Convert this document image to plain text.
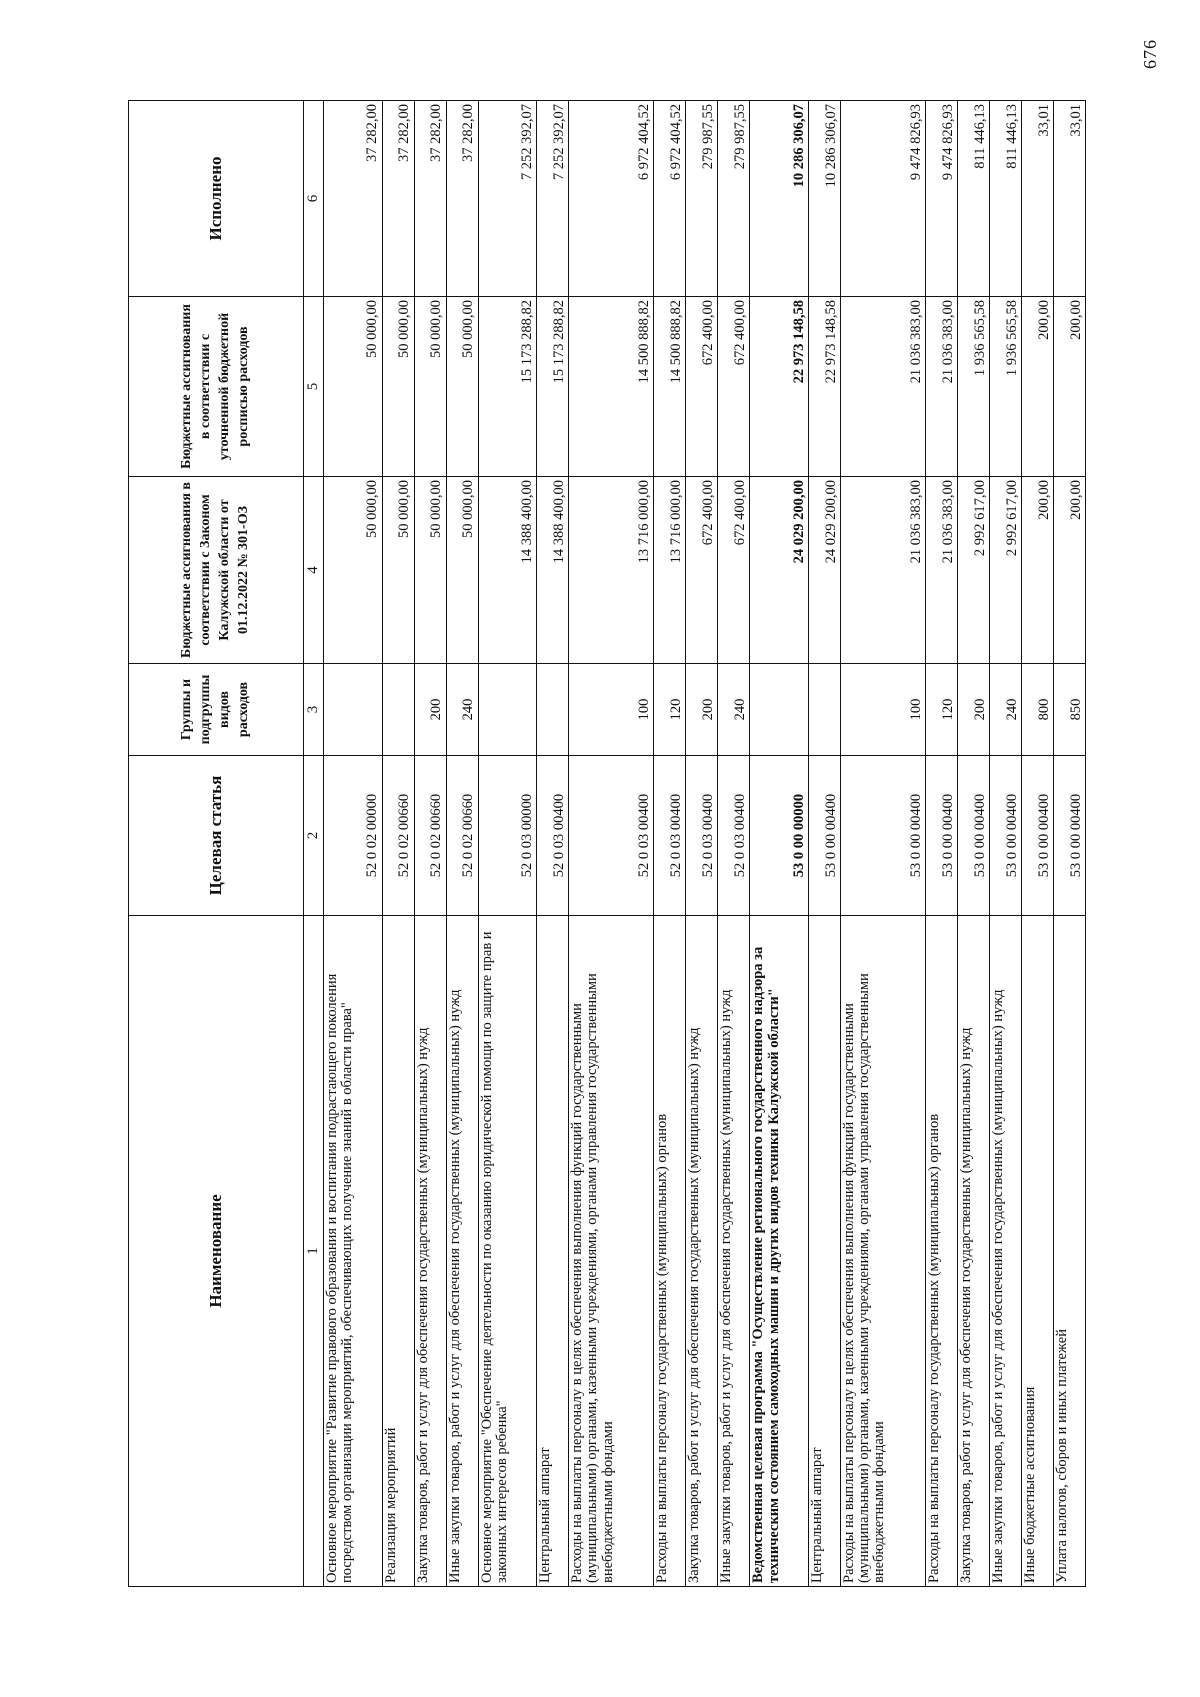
Наименование	Целевая статья	Группы и подгруппы видов расходов	Бюджетные ассигнования в соответствии с Законом Калужской области от 01.12.2022 № 301-ОЗ	Бюджетные ассигнования в соответствии с уточненной бюджетной росписью расходов	Исполнено
1	2	3	4	5	6
Основное мероприятие "Развитие правового образования и воспитания подрастающего поколения посредством организации мероприятий, обеспечивающих получение знаний в области права"	52 0 02 00000		50 000,00	50 000,00	37 282,00
Реализация мероприятий	52 0 02 00660		50 000,00	50 000,00	37 282,00
Закупка товаров, работ и услуг для обеспечения государственных (муниципальных) нужд	52 0 02 00660	200	50 000,00	50 000,00	37 282,00
Иные закупки товаров, работ и услуг для обеспечения государственных (муниципальных) нужд	52 0 02 00660	240	50 000,00	50 000,00	37 282,00
Основное мероприятие "Обеспечение деятельности по оказанию юридической помощи по защите прав и законных интересов ребенка"	52 0 03 00000		14 388 400,00	15 173 288,82	7 252 392,07
Центральный аппарат	52 0 03 00400		14 388 400,00	15 173 288,82	7 252 392,07
Расходы на выплаты персоналу в целях обеспечения выполнения функций государственными (муниципальными) органами, казенными учреждениями, органами управления государственными внебюджетными фондами	52 0 03 00400	100	13 716 000,00	14 500 888,82	6 972 404,52
Расходы на выплаты персоналу государственных (муниципальных) органов	52 0 03 00400	120	13 716 000,00	14 500 888,82	6 972 404,52
Закупка товаров, работ и услуг для обеспечения государственных (муниципальных) нужд	52 0 03 00400	200	672 400,00	672 400,00	279 987,55
Иные закупки товаров, работ и услуг для обеспечения государственных (муниципальных) нужд	52 0 03 00400	240	672 400,00	672 400,00	279 987,55
Ведомственная целевая программа "Осуществление регионального государственного надзора за техническим состоянием самоходных машин и других видов техники Калужской области"	53 0 00 00000		24 029 200,00	22 973 148,58	10 286 306,07
Центральный аппарат	53 0 00 00400		24 029 200,00	22 973 148,58	10 286 306,07
Расходы на выплаты персоналу в целях обеспечения выполнения функций государственными (муниципальными) органами, казенными учреждениями, органами управления государственными внебюджетными фондами	53 0 00 00400	100	21 036 383,00	21 036 383,00	9 474 826,93
Расходы на выплаты персоналу государственных (муниципальных) органов	53 0 00 00400	120	21 036 383,00	21 036 383,00	9 474 826,93
Закупка товаров, работ и услуг для обеспечения государственных (муниципальных) нужд	53 0 00 00400	200	2 992 617,00	1 936 565,58	811 446,13
Иные закупки товаров, работ и услуг для обеспечения государственных (муниципальных) нужд	53 0 00 00400	240	2 992 617,00	1 936 565,58	811 446,13
Иные бюджетные ассигнования	53 0 00 00400	800	200,00	200,00	33,01
Уплата налогов, сборов и иных платежей	53 0 00 00400	850	200,00	200,00	33,01
676
